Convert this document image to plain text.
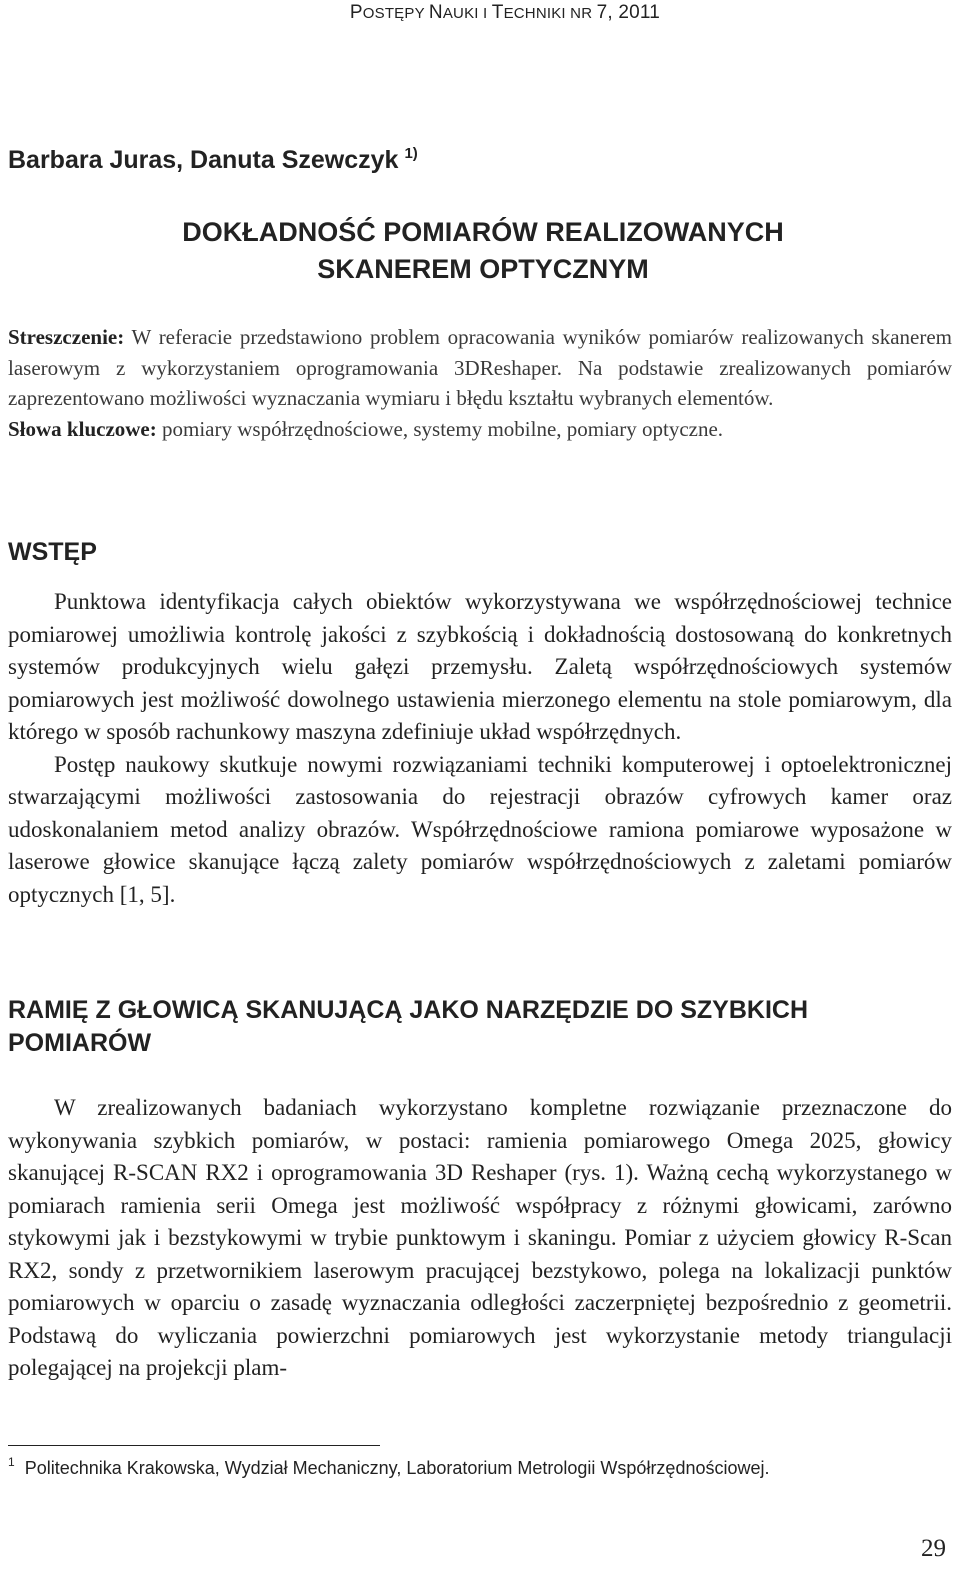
POSTĘPY NAUKI I TECHNIKI NR 7, 2011
Barbara Juras, Danuta Szewczyk $^{1)}$
DOKŁADNOŚĆ POMIARÓW REALIZOWANYCH
SKANEREM OPTYCZNYM

Streszczenie: W referacie przedstawiono problem opracowania wyników pomiarów realizowanych skanerem laserowym z wykorzystaniem oprogramowania 3DReshaper. Na podstawie zrealizowanych pomiarów zaprezentowano możliwości wyznaczania wymiaru i błędu kształtu wybranych elementów.

Słowa kluczowe: pomiary współrzędnościowe, systemy mobilne, pomiary optyczne.

WSTĘP

Punktowa identyfikacja całych obiektów wykorzystywana we współrzędnościowej technice pomiarowej umożliwia kontrolę jakości z szybkością i dokładnością dostosowaną do konkretnych systemów produkcyjnych wielu gałęzi przemysłu. Zaletą współrzędnościowych systemów pomiarowych jest możliwość dowolnego ustawienia mierzonego elementu na stole pomiarowym, dla którego w sposób rachunkowy maszyna zdefiniuje układ współrzędnych.

Postęp naukowy skutkuje nowymi rozwiązaniami techniki komputerowej i optoelektronicznej stwarzającymi możliwości zastosowania do rejestracji obrazów cyfrowych kamer oraz udoskonalaniem metod analizy obrazów. Współrzędnościowe ramiona pomiarowe wyposażone w laserowe głowice skanujące łączą zalety pomiarów współrzędnościowych z zaletami pomiarów optycznych [1, 5].

RAMIĘ Z GŁOWICĄ SKANUJĄCĄ JAKO NARZĘDZIE DO SZYBKICH POMIARÓW

W zrealizowanych badaniach wykorzystano kompletne rozwiązanie przeznaczone do wykonywania szybkich pomiarów, w postaci: ramienia pomiarowego Omega 2025, głowicy skanującej R-SCAN RX2 i oprogramowania 3D Reshaper (rys. 1). Ważną cechą wykorzystanego w pomiarach ramienia serii Omega jest możliwość współpracy z różnymi głowicami, zarówno stykowymi jak i bezstykowymi w trybie punktowym i skaningu. Pomiar z użyciem głowicy R-Scan RX2, sondy z przetwornikiem laserowym pracującej bezstykowo, polega na lokalizacji punktów pomiarowych w oparciu o zasadę wyznaczania odległości zaczerpniętej bezpośrednio z geometrii. Podstawą do wyliczania powierzchni pomiarowych jest wykorzystanie metody triangulacji polegającej na projekcji plam-

$^1$ Politechnika Krakowska, Wydział Mechaniczny, Laboratorium Metrologii Współrzędnościowej.
29
